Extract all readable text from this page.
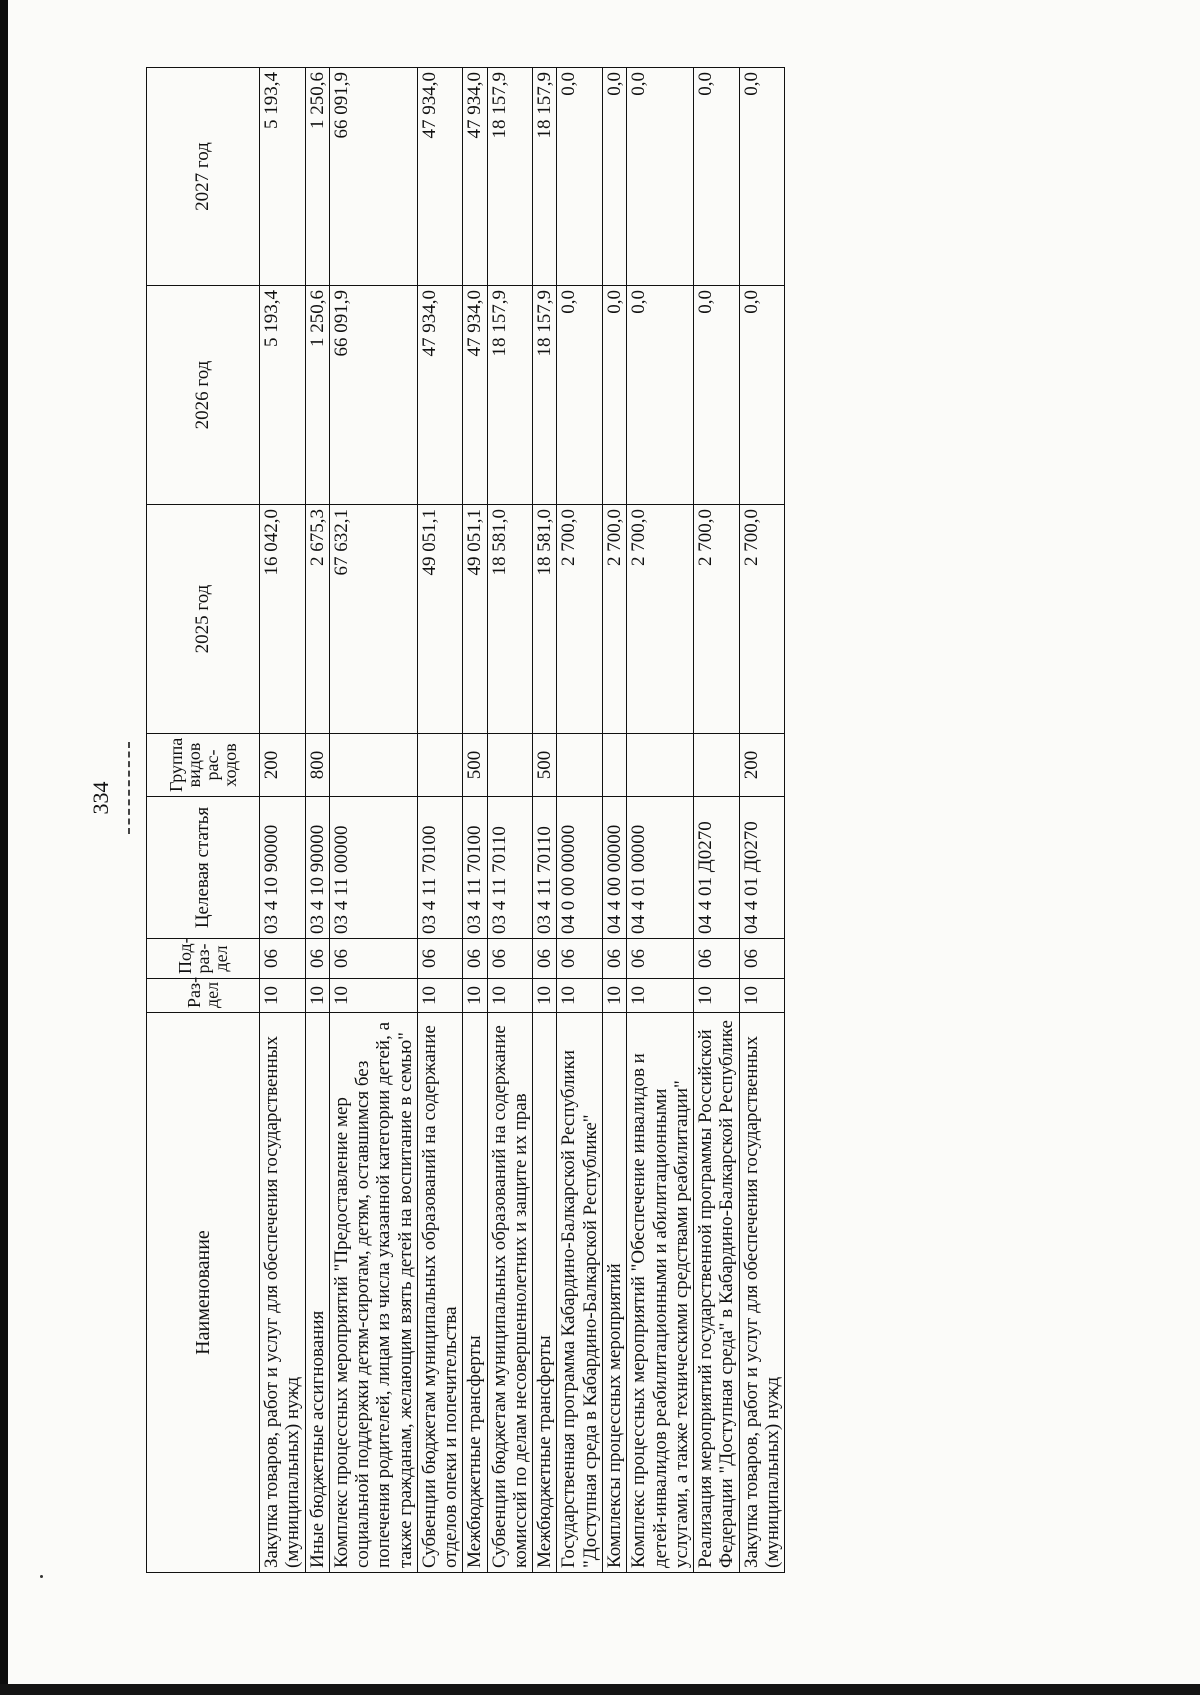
334
Наименование	Раз-дел	Под-раз-дел	Целевая статья	Группа видов рас-ходов	2025 год	2026 год	2027 год
Закупка товаров, работ и услуг для обеспечения государственных (муниципальных) нужд	10	06	03 4 10 90000	200	16 042,0	5 193,4	5 193,4
Иные бюджетные ассигнования	10	06	03 4 10 90000	800	2 675,3	1 250,6	1 250,6
Комплекс процессных мероприятий "Предоставление мер социальной поддержки детям-сиротам, детям, оставшимся без попечения родителей, лицам из числа указанной категории детей, а также гражданам, желающим взять детей на воспитание в семью"	10	06	03 4 11 00000		67 632,1	66 091,9	66 091,9
Субвенции бюджетам муниципальных образований на содержание отделов опеки и попечительства	10	06	03 4 11 70100		49 051,1	47 934,0	47 934,0
Межбюджетные трансферты	10	06	03 4 11 70100	500	49 051,1	47 934,0	47 934,0
Субвенции бюджетам муниципальных образований на содержание комиссий по делам несовершеннолетних и защите их прав	10	06	03 4 11 70110		18 581,0	18 157,9	18 157,9
Межбюджетные трансферты	10	06	03 4 11 70110	500	18 581,0	18 157,9	18 157,9
Государственная программа Кабардино-Балкарской Республики "Доступная среда в Кабардино-Балкарской Республике"	10	06	04 0 00 00000		2 700,0	0,0	0,0
Комплексы процессных мероприятий	10	06	04 4 00 00000		2 700,0	0,0	0,0
Комплекс процессных мероприятий "Обеспечение инвалидов и детей-инвалидов реабилитационными и абилитационными услугами, а также техническими средствами реабилитации"	10	06	04 4 01 00000		2 700,0	0,0	0,0
Реализация мероприятий государственной программы Российской Федерации "Доступная среда" в Кабардино-Балкарской Республике	10	06	04 4 01 Д0270		2 700,0	0,0	0,0
Закупка товаров, работ и услуг для обеспечения государственных (муниципальных) нужд	10	06	04 4 01 Д0270	200	2 700,0	0,0	0,0
